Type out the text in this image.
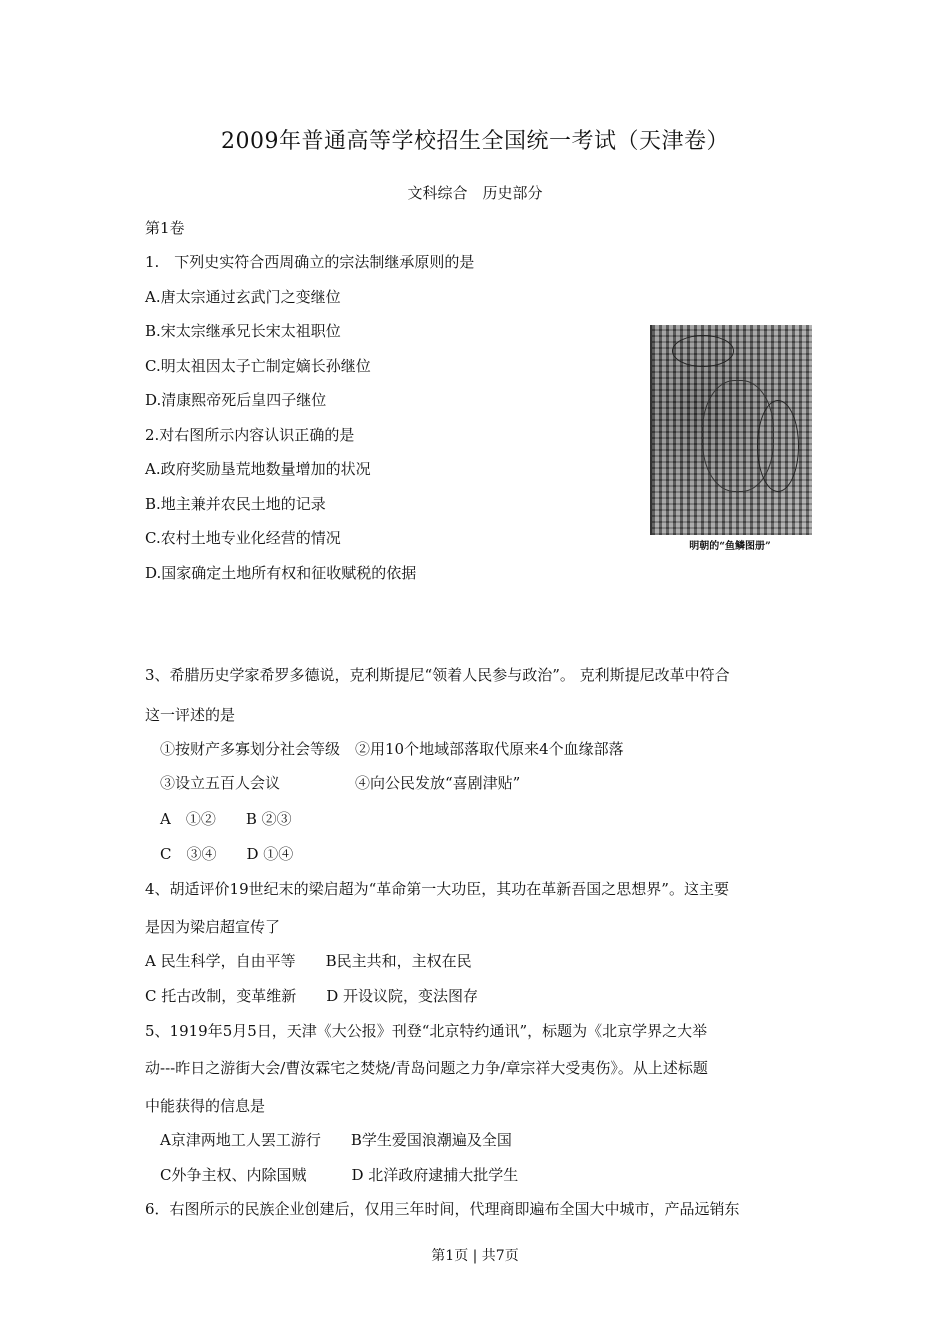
2009年普通高等学校招生全国统一考试（天津卷）
文科综合　历史部分
第1卷
1.　下列史实符合西周确立的宗法制继承原则的是
A.唐太宗通过玄武门之变继位
B.宋太宗继承兄长宋太祖职位
C.明太祖因太子亡制定嫡长孙继位
D.清康熙帝死后皇四子继位
2.对右图所示内容认识正确的是
A.政府奖励垦荒地数量增加的状况
B.地主兼并农民土地的记录
C.农村土地专业化经营的情况
D.国家确定土地所有权和征收赋税的依据
3、希腊历史学家希罗多德说，克利斯提尼“领着人民参与政治”。 克利斯提尼改革中符合
这一评述的是
　①按财产多寡划分社会等级　②用10个地域部落取代原来4个血缘部落
　③设立五百人会议　　　　　④向公民发放“喜剧津贴”
　A　①②　　B ②③
　C　③④　　D ①④
4、胡适评价19世纪末的梁启超为“革命第一大功臣，其功在革新吾国之思想界”。这主要
是因为梁启超宣传了
A 民生科学，自由平等　　B民主共和，主权在民
C 托古改制，变革维新　　D 开设议院，变法图存
5、1919年5月5日，天津《大公报》刊登“北京特约通讯”，标题为《北京学界之大举
动---昨日之游街大会/曹汝霖宅之焚烧/青岛问题之力争/章宗祥大受夷伤》。从上述标题
中能获得的信息是
　A京津两地工人罢工游行　　B学生爱国浪潮遍及全国
　C外争主权、内除国贼　　　D 北洋政府逮捕大批学生
6．右图所示的民族企业创建后，仅用三年时间，代理商即遍布全国大中城市，产品远销东
明朝的“鱼鳞图册”
第1页 | 共7页
